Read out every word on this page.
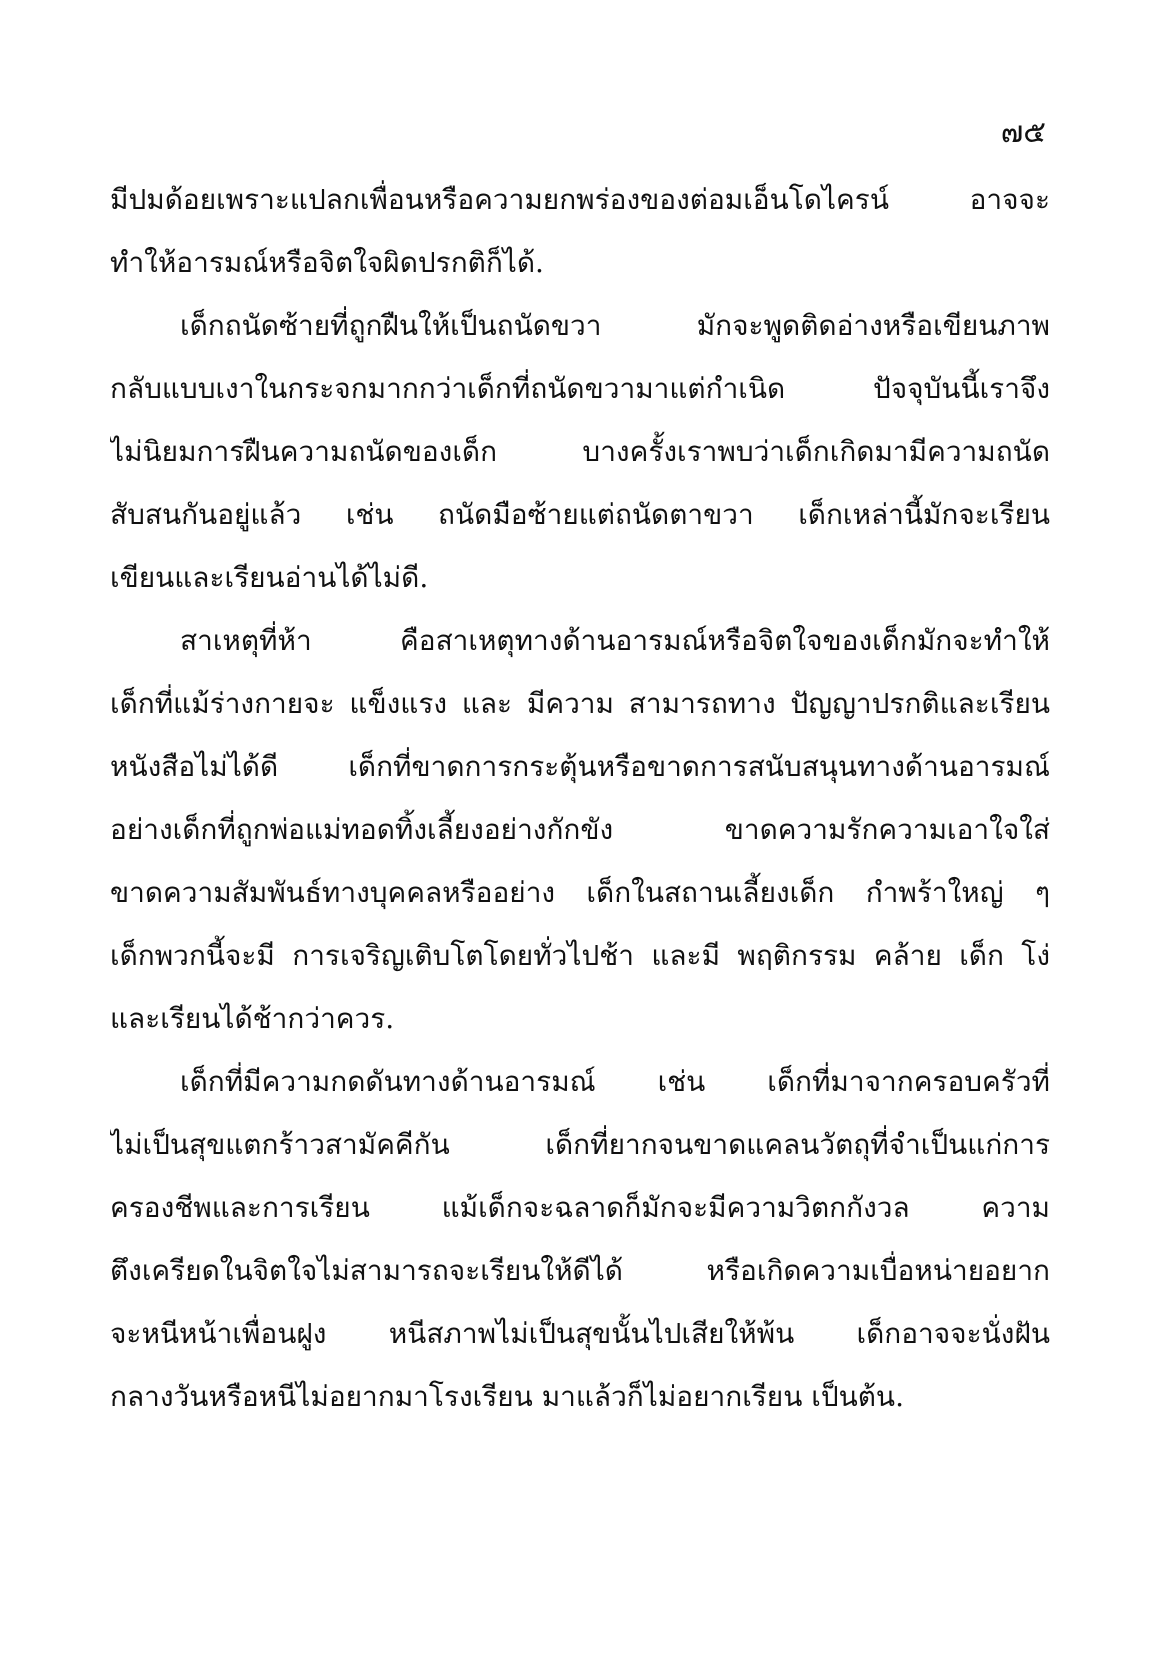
๗๕
มีปมด้อยเพราะแปลกเพื่อนหรือความยกพร่องของต่อมเอ็นโดไครน์ อาจจะ
ทำให้อารมณ์หรือจิตใจผิดปรกติก็ได้.
เด็กถนัดซ้ายที่ถูกฝืนให้เป็นถนัดขวา มักจะพูดติดอ่างหรือเขียนภาพ
กลับแบบเงาในกระจกมากกว่าเด็กที่ถนัดขวามาแต่กำเนิด ปัจจุบันนี้เราจึง
ไม่นิยมการฝืนความถนัดของเด็ก บางครั้งเราพบว่าเด็กเกิดมามีความถนัด
สับสนกันอยู่แล้ว เช่น ถนัดมือซ้ายแต่ถนัดตาขวา เด็กเหล่านี้มักจะเรียน
เขียนและเรียนอ่านได้ไม่ดี.
สาเหตุที่ห้า คือสาเหตุทางด้านอารมณ์หรือจิตใจของเด็กมักจะทำให้
เด็กที่แม้ร่างกายจะ แข็งแรง และ มีความ สามารถทาง ปัญญาปรกติและเรียน
หนังสือไม่ได้ดี เด็กที่ขาดการกระตุ้นหรือขาดการสนับสนุนทางด้านอารมณ์
อย่างเด็กที่ถูกพ่อแม่ทอดทิ้งเลี้ยงอย่างกักขัง ขาดความรักความเอาใจใส่
ขาดความสัมพันธ์ทางบุคคลหรืออย่าง เด็กในสถานเลี้ยงเด็ก กำพร้าใหญ่ ๆ
เด็กพวกนี้จะมี การเจริญเติบโตโดยทั่วไปช้า และมี พฤติกรรม คล้าย เด็ก โง่
และเรียนได้ช้ากว่าควร.
เด็กที่มีความกดดันทางด้านอารมณ์ เช่น เด็กที่มาจากครอบครัวที่
ไม่เป็นสุขแตกร้าวสามัคคีกัน เด็กที่ยากจนขาดแคลนวัตถุที่จำเป็นแก่การ
ครองชีพและการเรียน แม้เด็กจะฉลาดก็มักจะมีความวิตกกังวล ความ
ตึงเครียดในจิตใจไม่สามารถจะเรียนให้ดีได้ หรือเกิดความเบื่อหน่ายอยาก
จะหนีหน้าเพื่อนฝูง หนีสภาพไม่เป็นสุขนั้นไปเสียให้พ้น เด็กอาจจะนั่งฝัน
กลางวันหรือหนีไม่อยากมาโรงเรียน มาแล้วก็ไม่อยากเรียน เป็นต้น.
